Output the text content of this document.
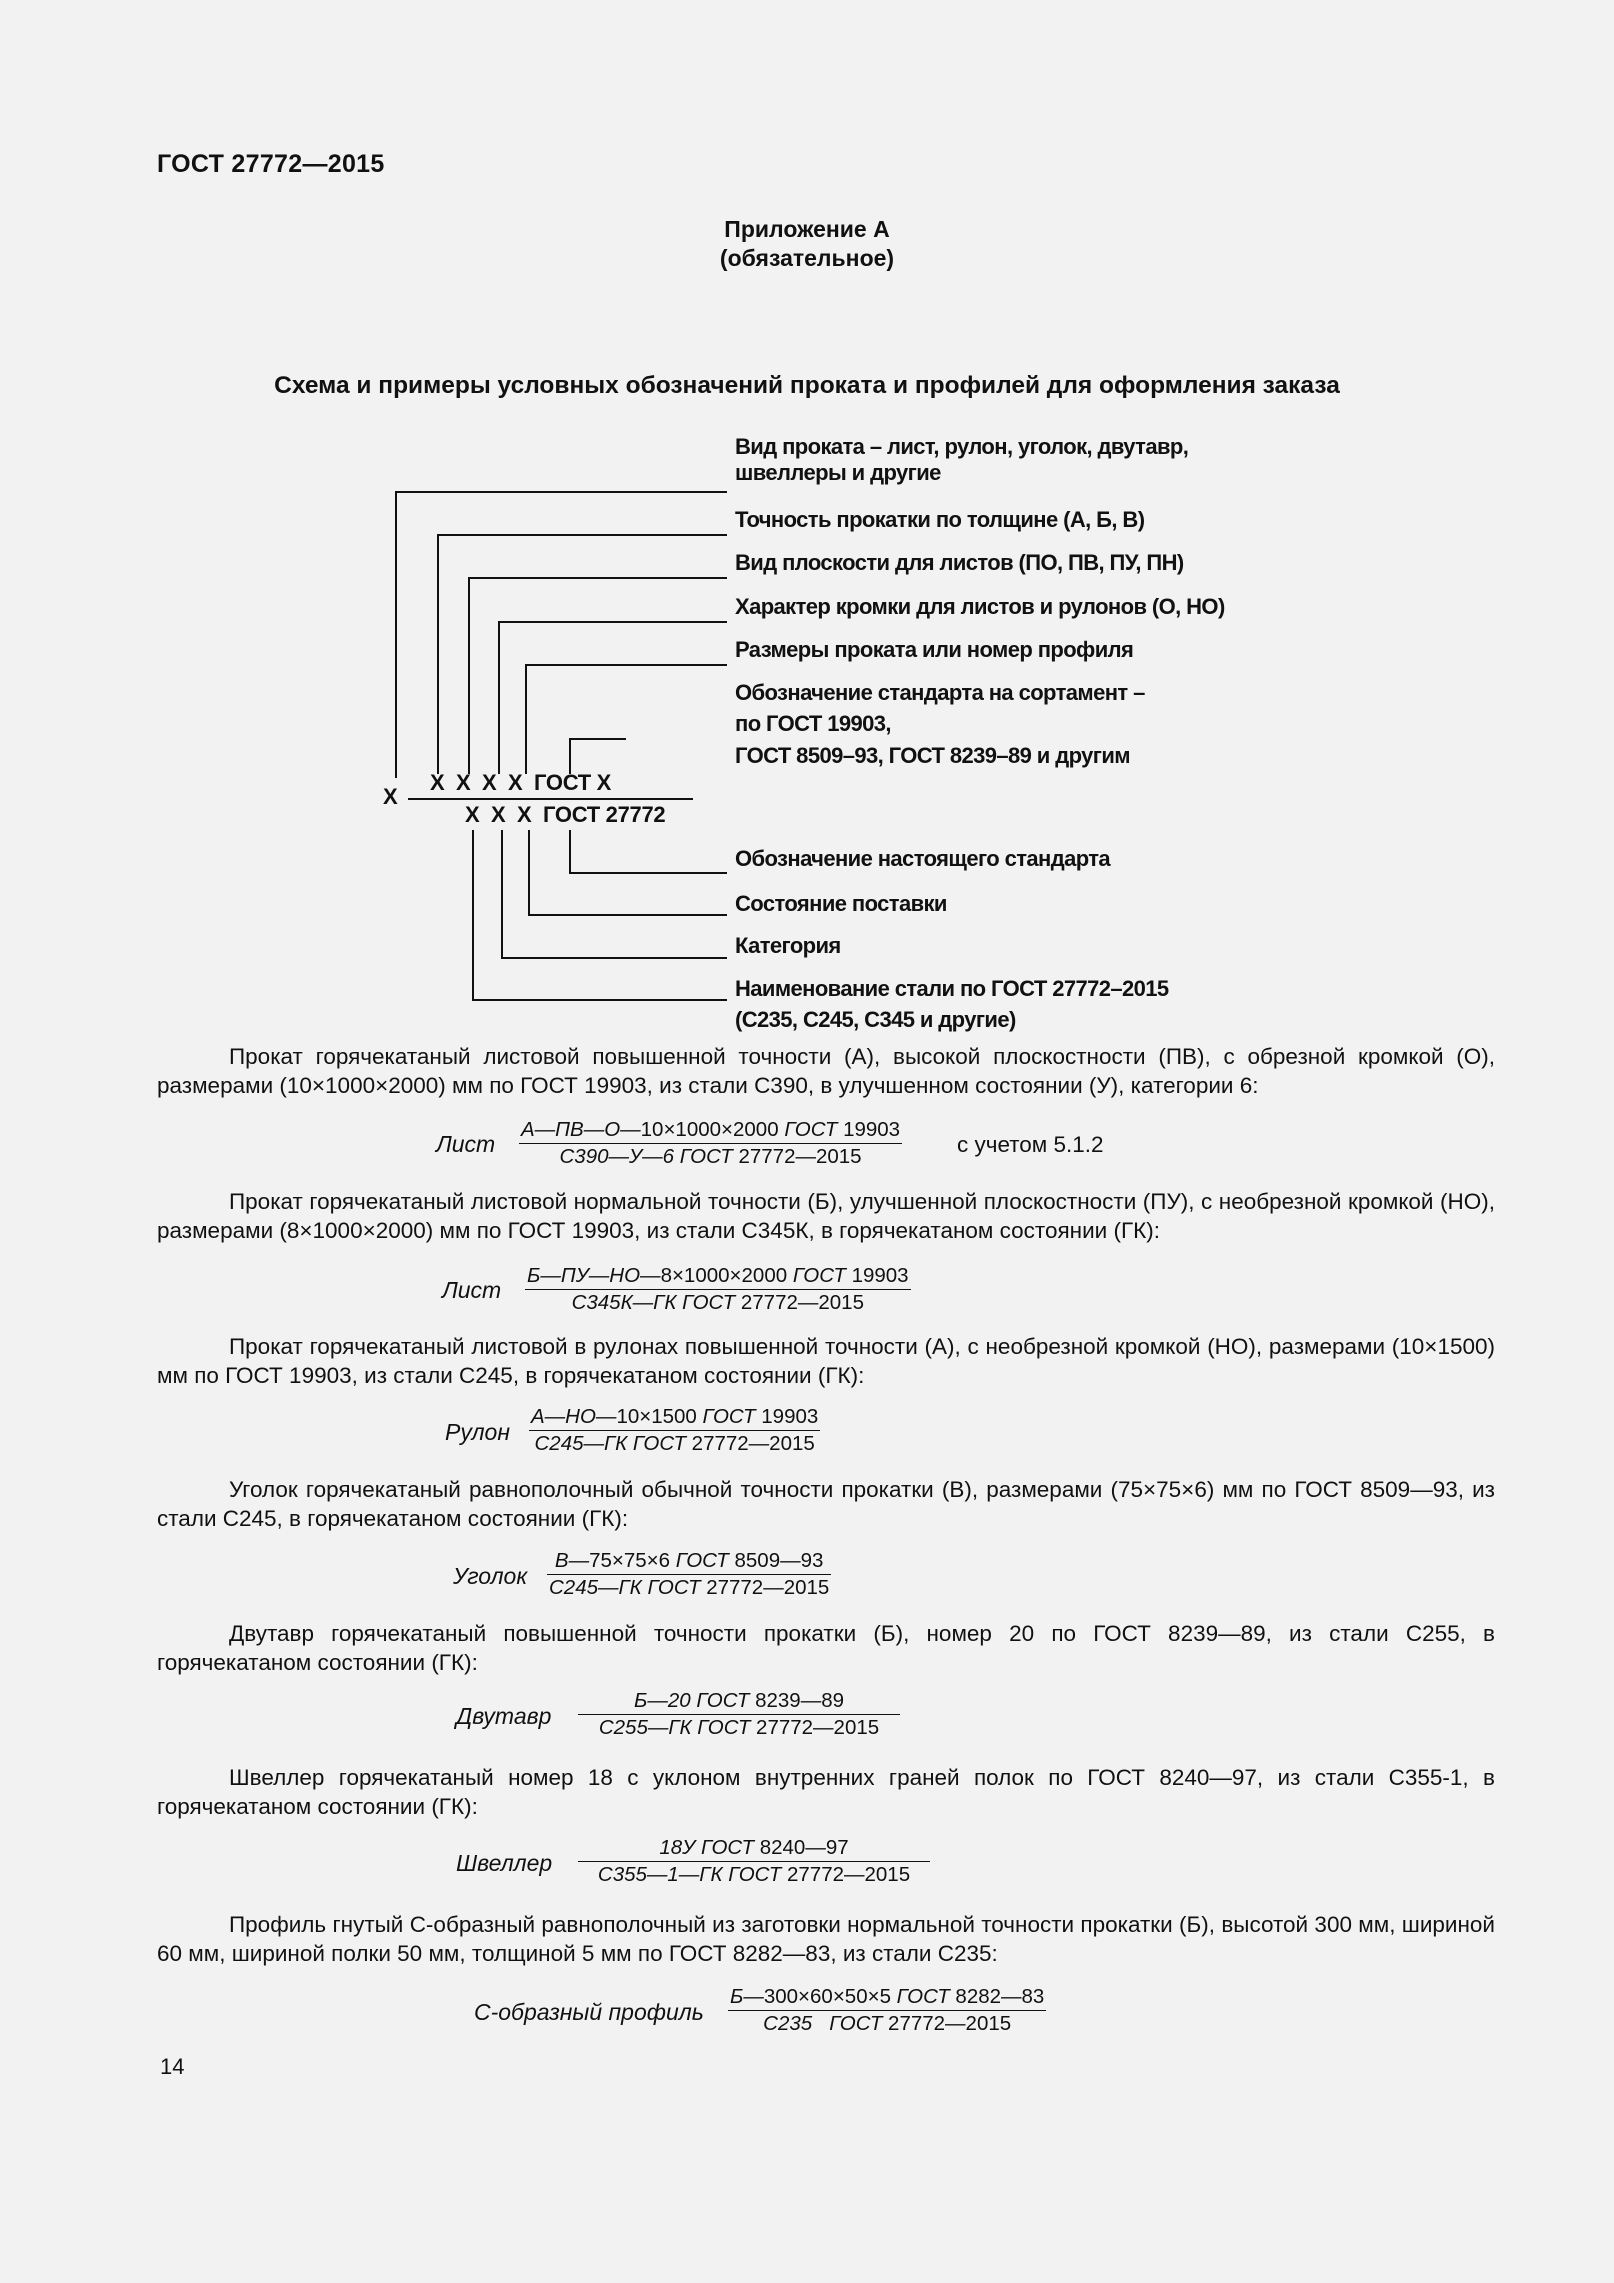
ГОСТ 27772—2015
Приложение А
(обязательное)
Схема и примеры условных обозначений проката и профилей для оформления заказа
Вид проката – лист, рулон, уголок, двутавр,
швеллеры и другие
Точность прокатки по толщине (А, Б, В)
Вид плоскости для листов (ПО, ПВ, ПУ, ПН)
Характер кромки для листов и рулонов (О, НО)
Размеры проката или номер профиля
Обозначение стандарта на сортамент –
по ГОСТ 19903,
ГОСТ 8509–93, ГОСТ 8239–89 и другим
Х
Х  Х  Х  Х  ГОСТ Х
Х  Х  Х  ГОСТ 27772
Обозначение настоящего стандарта
Состояние поставки
Категория
Наименование стали по ГОСТ 27772–2015
(С235, С245, С345 и другие)
Прокат горячекатаный листовой повышенной точности (А), высокой плоскостности (ПВ), с обрезной кромкой (О), размерами (10×1000×2000) мм по ГОСТ 19903, из стали С390, в улучшенном состоянии (У), категории 6:
Лист
А—ПВ—О—10×1000×2000 ГОСТ 19903
С390—У—6 ГОСТ 27772—2015	с учетом 5.1.2
Прокат горячекатаный листовой нормальной точности (Б), улучшенной плоскостности (ПУ), с необрезной кромкой (НО), размерами (8×1000×2000) мм по ГОСТ 19903, из стали С345К, в горячекатаном состоянии (ГК):
Лист
Б—ПУ—НО—8×1000×2000 ГОСТ 19903
С345К—ГК ГОСТ 27772—2015
Прокат горячекатаный листовой в рулонах повышенной точности (А), с необрезной кромкой (НО), размерами (10×1500) мм по ГОСТ 19903, из стали С245, в горячекатаном состоянии (ГК):
Рулон
А—НО—10×1500 ГОСТ 19903
С245—ГК ГОСТ 27772—2015
Уголок горячекатаный равнополочный обычной точности прокатки (В), размерами (75×75×6) мм по ГОСТ 8509—93, из стали С245, в горячекатаном состоянии (ГК):
Уголок
В—75×75×6 ГОСТ 8509—93
С245—ГК ГОСТ 27772—2015
Двутавр горячекатаный повышенной точности прокатки (Б), номер 20 по ГОСТ 8239—89, из стали С255, в горячекатаном состоянии (ГК):
Двутавр
Б—20 ГОСТ 8239—89
С255—ГК ГОСТ 27772—2015
Швеллер горячекатаный номер 18 с уклоном внутренних граней полок по ГОСТ 8240—97, из стали С355-1, в горячекатаном состоянии (ГК):
Швеллер
18У ГОСТ 8240—97
С355—1—ГК ГОСТ 27772—2015
Профиль гнутый С-образный равнополочный из заготовки нормальной точности прокатки (Б), высотой 300 мм, шириной 60 мм, шириной полки 50 мм, толщиной 5 мм по ГОСТ 8282—83, из стали С235:
С-образный профиль
Б—300×60×50×5 ГОСТ 8282—83
С235   ГОСТ 27772—2015
14
